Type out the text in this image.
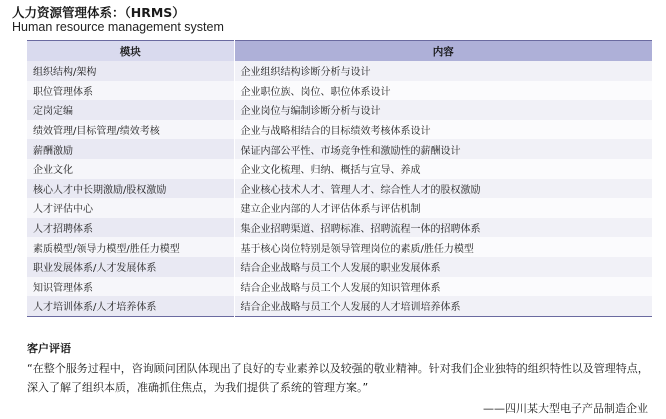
人力资源管理体系：（HRMS）
Human resource management system
模块	内容
组织结构/架构	企业组织结构诊断分析与设计
职位管理体系	企业职位族、岗位、职位体系设计
定岗定编	企业岗位与编制诊断分析与设计
绩效管理/目标管理/绩效考核	企业与战略相结合的目标绩效考核体系设计
薪酬激励	保证内部公平性、市场竞争性和激励性的薪酬设计
企业文化	企业文化梳理、归纳、概括与宣导、养成
核心人才中长期激励/股权激励	企业核心技术人才、管理人才、综合性人才的股权激励
人才评估中心	建立企业内部的人才评估体系与评估机制
人才招聘体系	集企业招聘渠道、招聘标准、招聘流程一体的招聘体系
素质模型/领导力模型/胜任力模型	基于核心岗位特别是领导管理岗位的素质/胜任力模型
职业发展体系/人才发展体系	结合企业战略与员工个人发展的职业发展体系
知识管理体系	结合企业战略与员工个人发展的知识管理体系
人才培训体系/人才培养体系	结合企业战略与员工个人发展的人才培训培养体系
客户评语
“在整个服务过程中，咨询顾问团队体现出了良好的专业素养以及较强的敬业精神。针对我们企业独特的组织特性以及管理特点，深入了解了组织本质，准确抓住焦点，为我们提供了系统的管理方案。”
——四川某大型电子产品制造企业
